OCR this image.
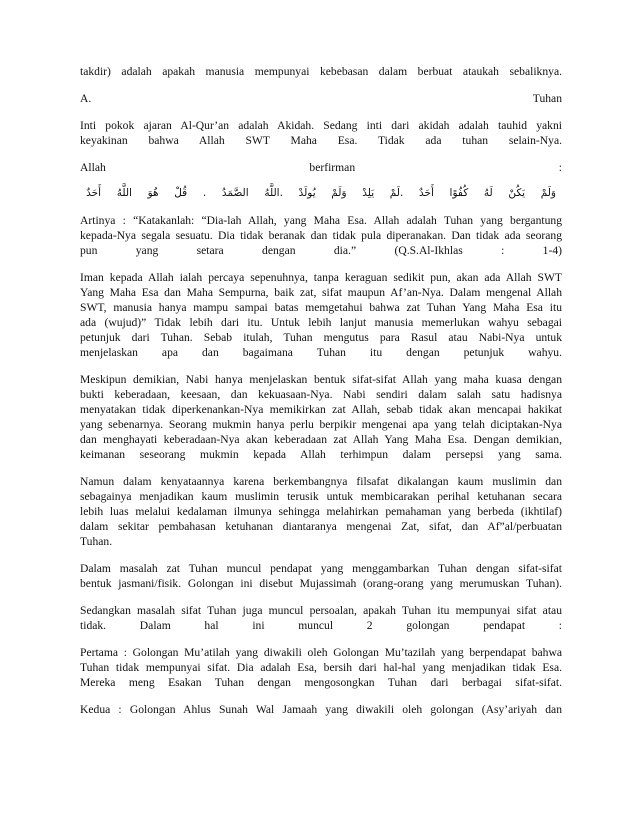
takdir) adalah apakah manusia mempunyai kebebasan dalam berbuat ataukah sebaliknya.

A.	Tuhan

Inti pokok ajaran Al-Qur’an adalah Akidah. Sedang inti dari akidah adalah tauhid yakni

keyakinan bahwa Allah SWT Maha Esa. Tidak ada tuhan selain-Nya.

Allah	berfirman	:
وَلَمْ
يَكُنْ
لَهُ
كُفُوًا
أَحَدٌ
.لَمْ
يَلِدْ
وَلَمْ
يُولَدْ
.اللَّهُ
الصَّمَدُ
.
قُلْ
هُوَ
اللَّهُ
أَحَدٌ

Artinya : “Katakanlah: “Dia-lah Allah, yang Maha Esa. Allah adalah Tuhan yang bergantung

kepada-Nya segala sesuatu. Dia tidak beranak dan tidak pula diperanakan. Dan tidak ada seorang

pun yang setara dengan dia.” (Q.S.Al-Ikhlas : 1-4)

Iman kepada Allah ialah percaya sepenuhnya, tanpa keraguan sedikit pun, akan ada Allah SWT

Yang Maha Esa dan Maha Sempurna, baik zat, sifat maupun Af’an-Nya. Dalam mengenal Allah

SWT, manusia hanya mampu sampai batas memgetahui bahwa zat Tuhan Yang Maha Esa itu

ada (wujud)” Tidak lebih dari itu. Untuk lebih lanjut manusia memerlukan wahyu sebagai

petunjuk dari Tuhan. Sebab itulah, Tuhan mengutus para Rasul atau Nabi-Nya untuk

menjelaskan apa dan bagaimana Tuhan itu dengan petunjuk wahyu.

Meskipun demikian, Nabi hanya menjelaskan bentuk sifat-sifat Allah yang maha kuasa dengan

bukti keberadaan, keesaan, dan kekuasaan-Nya. Nabi sendiri dalam salah satu hadisnya

menyatakan tidak diperkenankan-Nya memikirkan zat Allah, sebab tidak akan mencapai hakikat

yang sebenarnya. Seorang mukmin hanya perlu berpikir mengenai apa yang telah diciptakan-Nya

dan menghayati keberadaan-Nya akan keberadaan zat Allah Yang Maha Esa. Dengan demikian,

keimanan seseorang mukmin kepada Allah terhimpun dalam persepsi yang sama.

Namun dalam kenyataannya karena berkembangnya filsafat dikalangan kaum muslimin dan

sebagainya menjadikan kaum muslimin terusik untuk membicarakan perihal ketuhanan secara

lebih luas melalui kedalaman ilmunya sehingga melahirkan pemahaman yang berbeda (ikhtilaf)

dalam sekitar pembahasan ketuhanan diantaranya mengenai Zat, sifat, dan Af”al/perbuatan

Tuhan.

Dalam masalah zat Tuhan muncul pendapat yang menggambarkan Tuhan dengan sifat-sifat

bentuk jasmani/fisik. Golongan ini disebut Mujassimah (orang-orang yang merumuskan Tuhan).

Sedangkan masalah sifat Tuhan juga muncul persoalan, apakah Tuhan itu mempunyai sifat atau

tidak. Dalam hal ini muncul 2 golongan pendapat :

Pertama : Golongan Mu’atilah yang diwakili oleh Golongan Mu’tazilah yang berpendapat bahwa

Tuhan tidak mempunyai sifat. Dia adalah Esa, bersih dari hal-hal yang menjadikan tidak Esa.

Mereka meng Esakan Tuhan dengan mengosongkan Tuhan dari berbagai sifat-sifat.

Kedua : Golongan Ahlus Sunah Wal Jamaah yang diwakili oleh golongan (Asy’ariyah dan
